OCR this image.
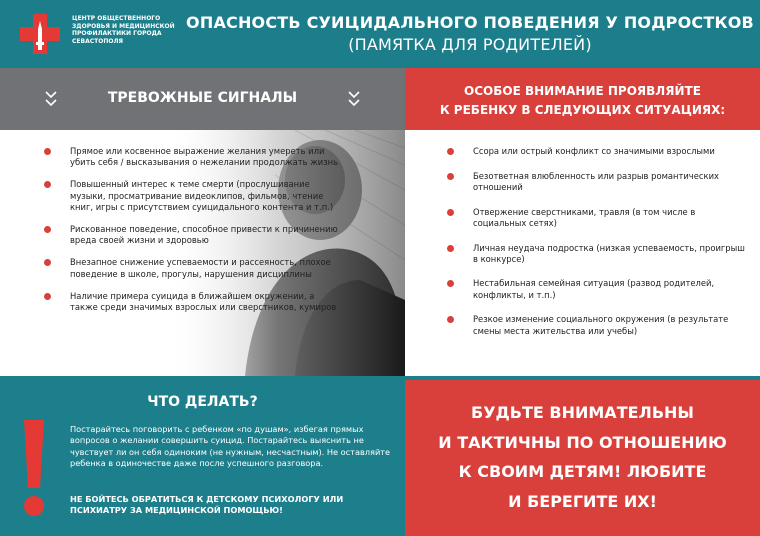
ЦЕНТР ОБЩЕСТВЕННОГО ЗДОРОВЬЯ И МЕДИЦИНСКОЙ ПРОФИЛАКТИКИ ГОРОДА СЕВАСТОПОЛЯ
ОПАСНОСТЬ СУИЦИДАЛЬНОГО ПОВЕДЕНИЯ У ПОДРОСТКОВ
(ПАМЯТКА ДЛЯ РОДИТЕЛЕЙ)
ТРЕВОЖНЫЕ СИГНАЛЫ	ОСОБОЕ ВНИМАНИЕ ПРОЯВЛЯЙТЕ
К РЕБЕНКУ В СЛЕДУЮЩИХ СИТУАЦИЯХ:
Прямое или косвенное выражение желания умереть или убить себя / высказывания о нежелании продолжать жизнь
Повышенный интерес к теме смерти (прослушивание музыки, просматривание видеоклипов, фильмов, чтение книг, игры с присутствием суицидального контента и т.п.)
Рискованное поведение, способное привести к причинению вреда своей жизни и здоровью
Внезапное снижение успеваемости и рассеяность, плохое поведение в школе, прогулы, нарушения дисциплины
Наличие примера суицида в ближайшем окружении, а также среди значимых взрослых или сверстников, кумиров
Ссора или острый конфликт со значимыми взрослыми
Безответная влюбленность или разрыв романтических отношений
Отвержение сверстниками, травля (в том числе в социальных сетях)
Личная неудача подростка (низкая успеваемость, проигрыш в конкурсе)
Нестабильная семейная ситуация (развод родителей, конфликты, и т.п.)
Резкое изменение социального окружения (в результате смены места жительства или учебы)
ЧТО ДЕЛАТЬ?
Постарайтесь поговорить с ребенком «по душам», избегая прямых вопросов о желании совершить суицид. Постарайтесь выяснить не чувствует ли он себя одиноким (не нужным, несчастным). Не оставляйте ребенка в одиночестве даже после успешного разговора.
НЕ БОЙТЕСЬ ОБРАТИТЬСЯ К ДЕТСКОМУ ПСИХОЛОГУ ИЛИ ПСИХИАТРУ ЗА МЕДИЦИНСКОЙ ПОМОЩЬЮ!
БУДЬТЕ ВНИМАТЕЛЬНЫ
И ТАКТИЧНЫ ПО ОТНОШЕНИЮ
К СВОИМ ДЕТЯМ! ЛЮБИТЕ
И БЕРЕГИТЕ ИХ!
